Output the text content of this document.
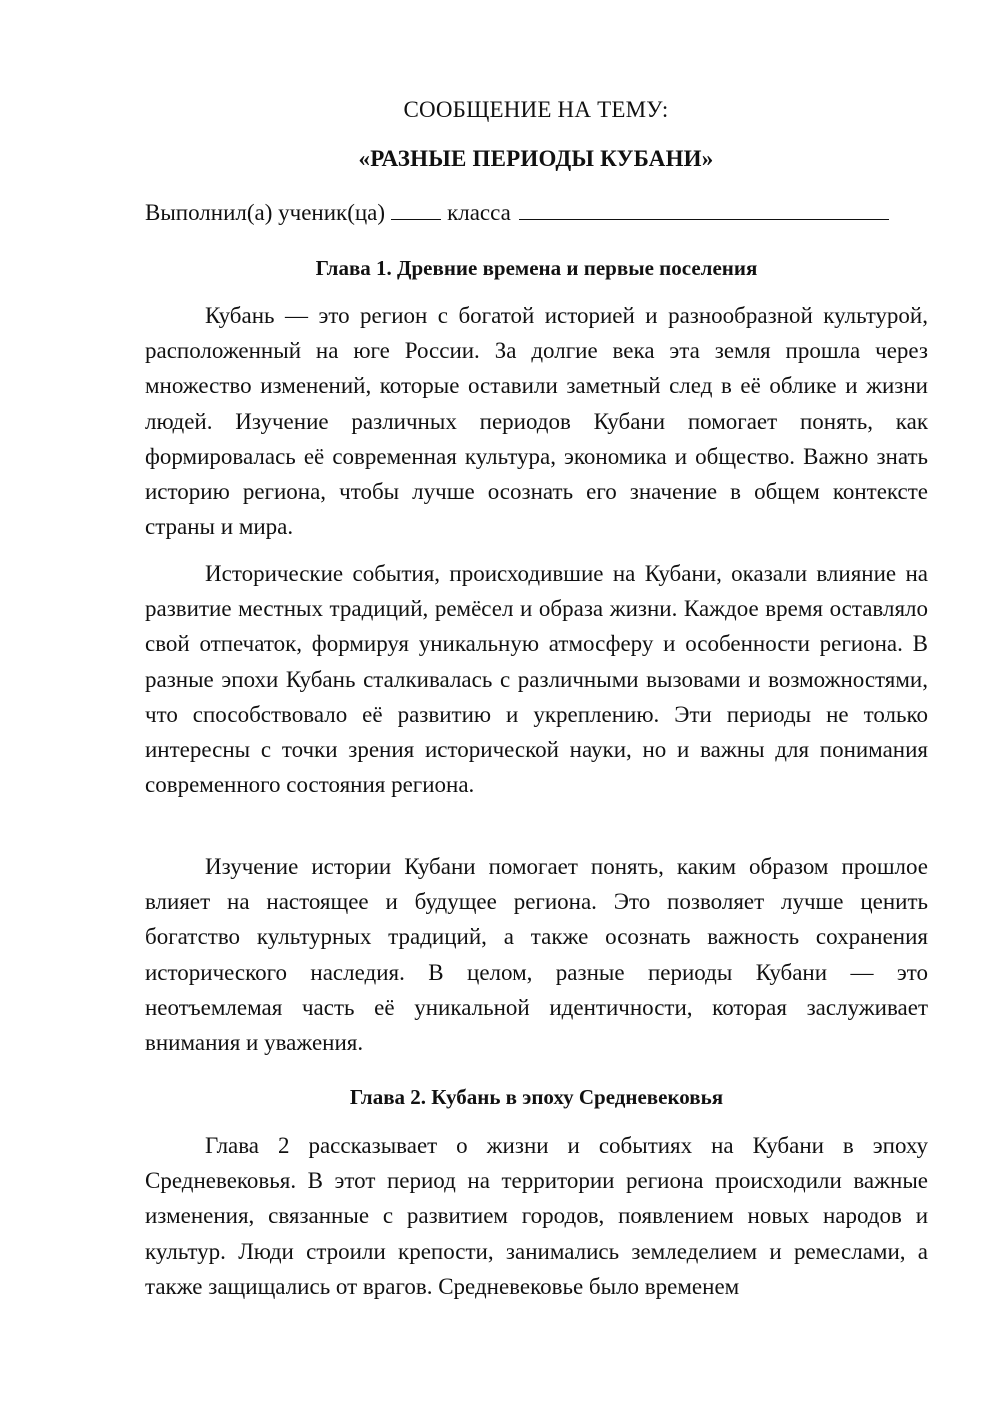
СООБЩЕНИЕ НА ТЕМУ:
«РАЗНЫЕ ПЕРИОДЫ КУБАНИ»
Выполнил(а) ученик(ца)	класса
Глава 1. Древние времена и первые поселения

Кубань — это регион с богатой историей и разнообразной культурой, расположенный на юге России. За долгие века эта земля прошла через множество изменений, которые оставили заметный след в её облике и жизни людей. Изучение различных периодов Кубани помогает понять, как формировалась её современная культура, экономика и общество. Важно знать историю региона, чтобы лучше осознать его значение в общем контексте страны и мира.

Исторические события, происходившие на Кубани, оказали влияние на развитие местных традиций, ремёсел и образа жизни. Каждое время оставляло свой отпечаток, формируя уникальную атмосферу и особенности региона. В разные эпохи Кубань сталкивалась с различными вызовами и возможностями, что способствовало её развитию и укреплению. Эти периоды не только интересны с точки зрения исторической науки, но и важны для понимания современного состояния региона.

Изучение истории Кубани помогает понять, каким образом прошлое влияет на настоящее и будущее региона. Это позволяет лучше ценить богатство культурных традиций, а также осознать важность сохранения исторического наследия. В целом, разные периоды Кубани — это неотъемлемая часть её уникальной идентичности, которая заслуживает внимания и уважения.

Глава 2. Кубань в эпоху Средневековья

Глава 2 рассказывает о жизни и событиях на Кубани в эпоху Средневековья. В этот период на территории региона происходили важные изменения, связанные с развитием городов, появлением новых народов и культур. Люди строили крепости, занимались земледелием и ремеслами, а также защищались от врагов. Средневековье было временем
